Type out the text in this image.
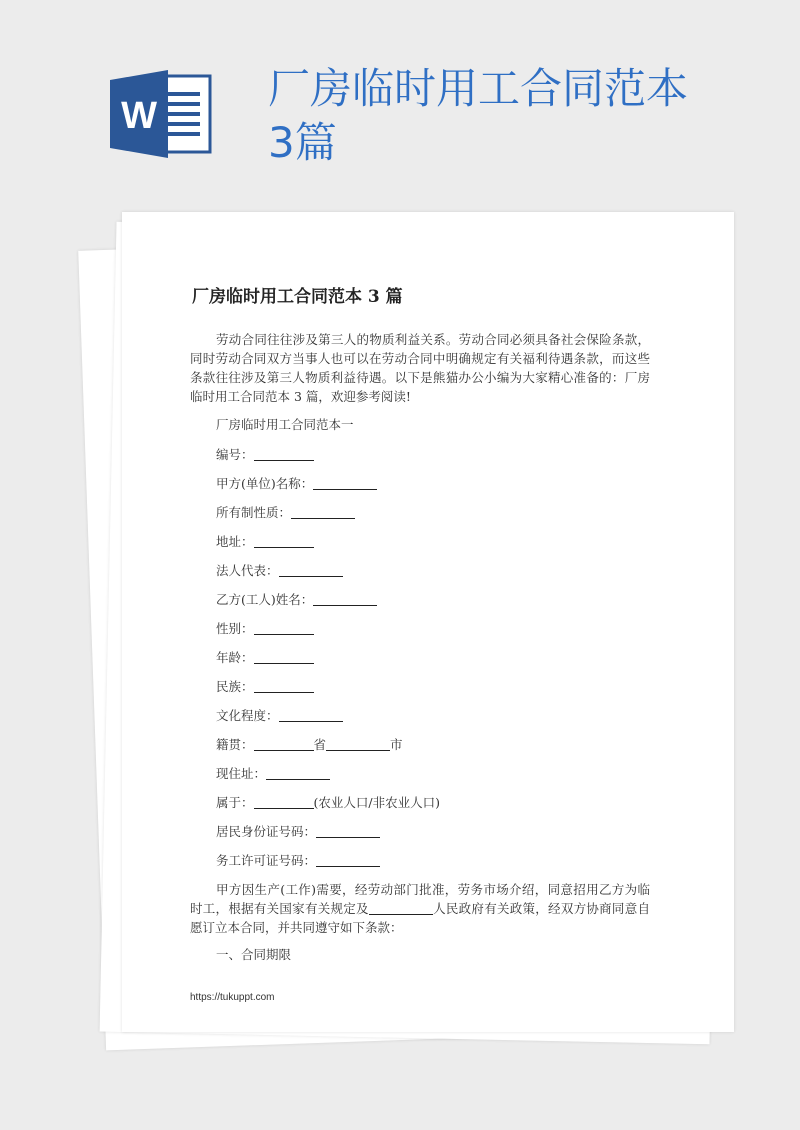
W
厂房临时用工合同范本
3篇
厂房临时用工合同范本 3 篇
劳动合同往往涉及第三人的物质利益关系。劳动合同必须具备社会保险条款，同时劳动合同双方当事人也可以在劳动合同中明确规定有关福利待遇条款，而这些条款往往涉及第三人物质利益待遇。以下是熊猫办公小编为大家精心准备的：厂房临时用工合同范本 3 篇，欢迎参考阅读!
厂房临时用工合同范本一
编号：
甲方(单位)名称：
所有制性质：
地址：
法人代表：
乙方(工人)姓名：
性别：
年龄：
民族：
文化程度：
籍贯：	省	市
现住址：
属于：	(农业人口/非农业人口)
居民身份证号码：
务工许可证号码：
甲方因生产(工作)需要，经劳动部门批准，劳务市场介绍，同意招用乙方为临时工，根据有关国家有关规定及	人民政府有关政策，经双方协商同意自愿订立本合同，并共同遵守如下条款：
一、合同期限
https://tukuppt.com
